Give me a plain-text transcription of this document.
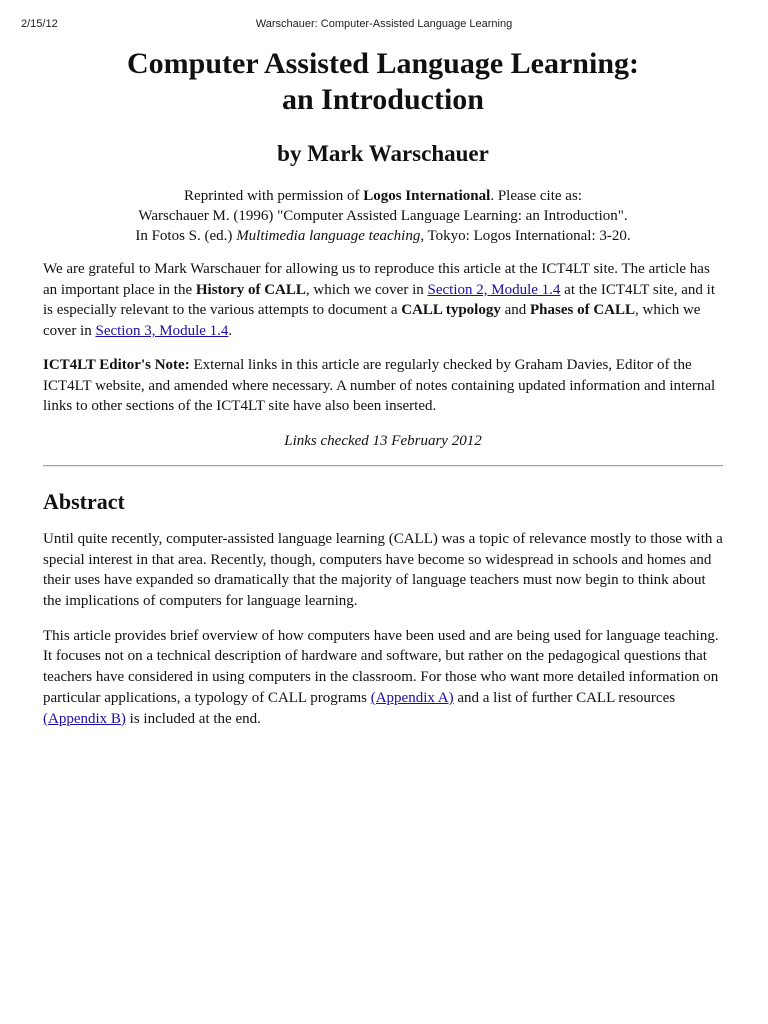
2/15/12	Warschauer: Computer-Assisted Language Learning
Computer Assisted Language Learning:
an Introduction
by Mark Warschauer
Reprinted with permission of Logos International. Please cite as:
Warschauer M. (1996) "Computer Assisted Language Learning: an Introduction".
In Fotos S. (ed.) Multimedia language teaching, Tokyo: Logos International: 3-20.

We are grateful to Mark Warschauer for allowing us to reproduce this article at the ICT4LT site. The article has an important place in the History of CALL, which we cover in Section 2, Module 1.4 at the ICT4LT site, and it is especially relevant to the various attempts to document a CALL typology and Phases of CALL, which we cover in Section 3, Module 1.4.

ICT4LT Editor's Note: External links in this article are regularly checked by Graham Davies, Editor of the ICT4LT website, and amended where necessary. A number of notes containing updated information and internal links to other sections of the ICT4LT site have also been inserted.

Links checked 13 February 2012
Abstract

Until quite recently, computer-assisted language learning (CALL) was a topic of relevance mostly to those with a special interest in that area. Recently, though, computers have become so widespread in schools and homes and their uses have expanded so dramatically that the majority of language teachers must now begin to think about the implications of computers for language learning.

This article provides brief overview of how computers have been used and are being used for language teaching. It focuses not on a technical description of hardware and software, but rather on the pedagogical questions that teachers have considered in using computers in the classroom. For those who want more detailed information on particular applications, a typology of CALL programs (Appendix A) and a list of further CALL resources (Appendix B) is included at the end.
